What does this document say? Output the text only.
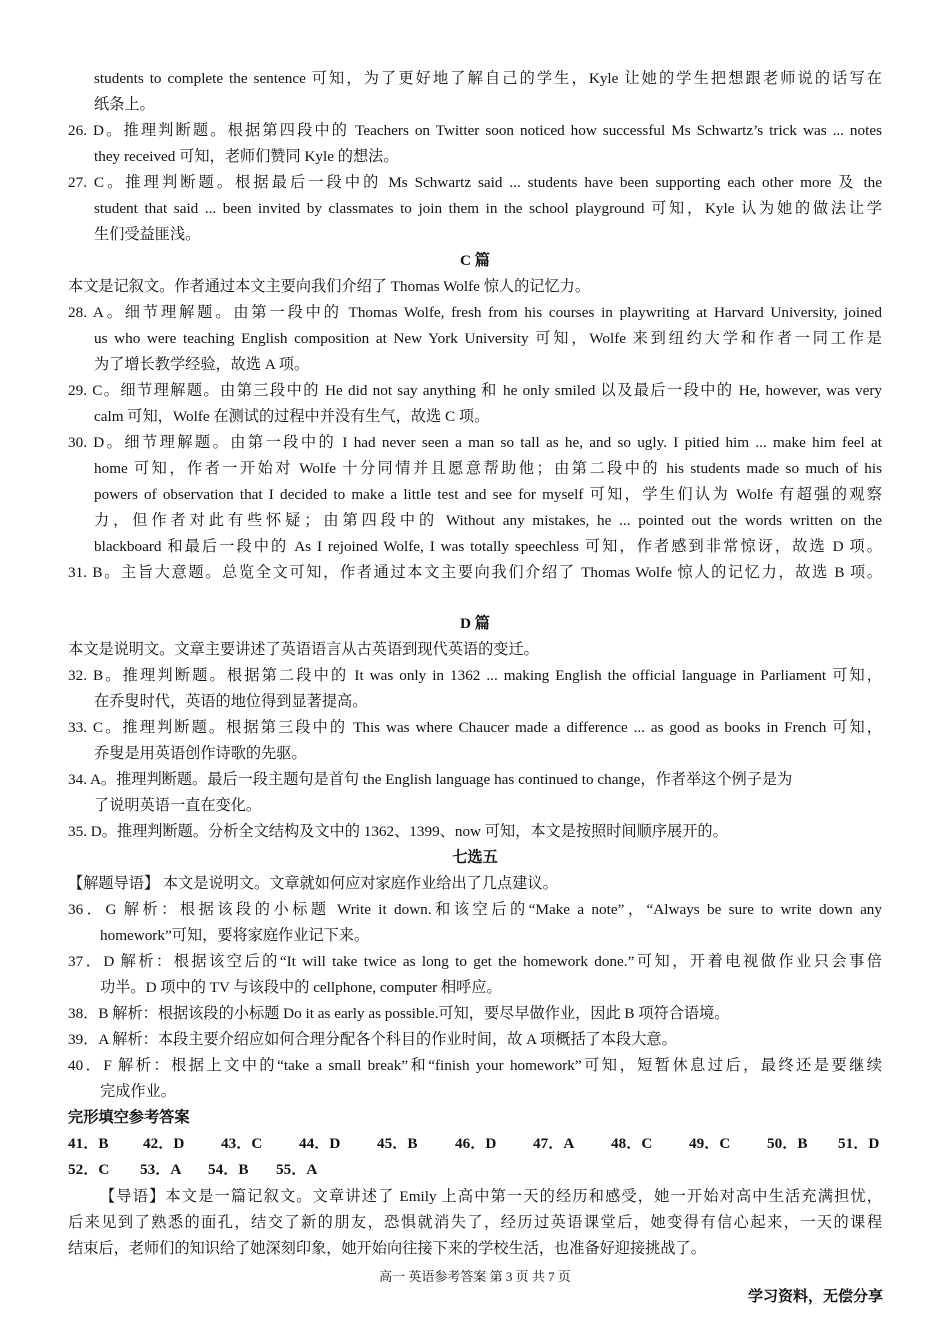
students to complete the sentence 可知，为了更好地了解自己的学生，Kyle 让她的学生把想跟老师说的话写在
纸条上。
26. D。推理判断题。根据第四段中的 Teachers on Twitter soon noticed how successful Ms Schwartz’s trick was ... notes
they received 可知，老师们赞同 Kyle 的想法。
27. C。推理判断题。根据最后一段中的 Ms Schwartz said ... students have been supporting each other more 及 the
student that said ... been invited by classmates to join them in the school playground 可知，Kyle 认为她的做法让学
生们受益匪浅。
C 篇
本文是记叙文。作者通过本文主要向我们介绍了 Thomas Wolfe 惊人的记忆力。
28. A。细节理解题。由第一段中的 Thomas Wolfe, fresh from his courses in playwriting at Harvard University, joined
us who were teaching English composition at New York University 可知，Wolfe 来到纽约大学和作者一同工作是
为了增长教学经验，故选 A 项。
29. C。细节理解题。由第三段中的 He did not say anything 和 he only smiled 以及最后一段中的 He, however, was very
calm 可知，Wolfe 在测试的过程中并没有生气，故选 C 项。
30. D。细节理解题。由第一段中的 I had never seen a man so tall as he, and so ugly. I pitied him ... make him feel at
home 可知，作者一开始对 Wolfe 十分同情并且愿意帮助他；由第二段中的 his students made so much of his
powers of observation that I decided to make a little test and see for myself 可知，学生们认为 Wolfe 有超强的观察
力，但作者对此有些怀疑；由第四段中的 Without any mistakes, he ... pointed out the words written on the
blackboard 和最后一段中的 As I rejoined Wolfe, I was totally speechless 可知，作者感到非常惊讶，故选 D 项。
31. B。主旨大意题。总览全文可知，作者通过本文主要向我们介绍了 Thomas Wolfe 惊人的记忆力，故选 B 项。
D 篇
本文是说明文。文章主要讲述了英语语言从古英语到现代英语的变迁。
32. B。推理判断题。根据第二段中的 It was only in 1362 ... making English the official language in Parliament 可知，
在乔叟时代，英语的地位得到显著提高。
33. C。推理判断题。根据第三段中的 This was where Chaucer made a difference ... as good as books in French 可知，
乔叟是用英语创作诗歌的先驱。
34. A。推理判断题。最后一段主题句是首句 the English language has continued to change，作者举这个例子是为
了说明英语一直在变化。
35. D。推理判断题。分析全文结构及文中的 1362、1399、now 可知，本文是按照时间顺序展开的。
七选五
【解题导语】 本文是说明文。文章就如何应对家庭作业给出了几点建议。
36．G 解析：根据该段的小标题 Write it down.和该空后的“Make a note”，“Always be sure to write down any
homework”可知，要将家庭作业记下来。
37．D 解析：根据该空后的“It will take twice as long to get the homework done.”可知，开着电视做作业只会事倍
功半。D 项中的 TV 与该段中的 cellphone, computer 相呼应。
38．B 解析：根据该段的小标题 Do it as early as possible.可知，要尽早做作业，因此 B 项符合语境。
39．A 解析：本段主要介绍应如何合理分配各个科目的作业时间，故 A 项概括了本段大意。
40．F 解析：根据上文中的“take a small break”和“finish your homework”可知，短暂休息过后，最终还是要继续
完成作业。
完形填空参考答案
41．B 42．D 43．C 44．D 45．B 46．D 47．A 48．C 49．C 50．B 51．D
52．C 53．A 54．B 55．A
【导语】本文是一篇记叙文。文章讲述了 Emily 上高中第一天的经历和感受，她一开始对高中生活充满担忧，
后来见到了熟悉的面孔，结交了新的朋友，恐惧就消失了，经历过英语课堂后，她变得有信心起来，一天的课程
结束后，老师们的知识给了她深刻印象，她开始向往接下来的学校生活，也准备好迎接挑战了。
高一 英语参考答案 第 3 页 共 7 页
学习资料，无偿分享
